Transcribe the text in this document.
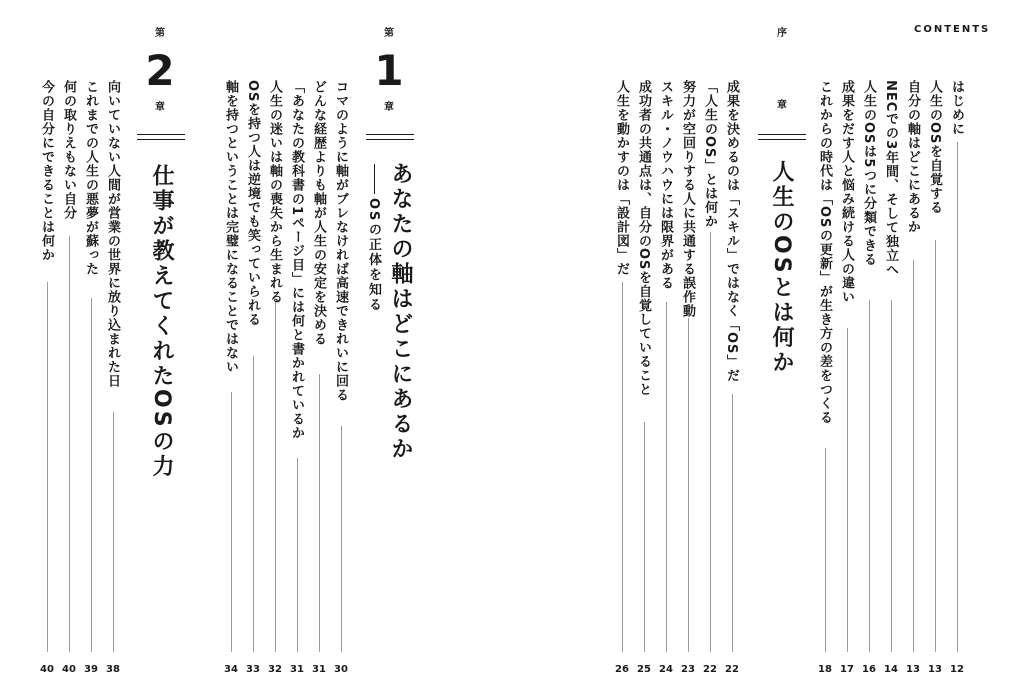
CONTENTS
はじめに
12
人生のOSを自覚する
13
自分の軸はどこにあるか
13
NECでの3年間、そして独立へ
14
人生のOSは5つに分類できる
16
成果をだす人と悩み続ける人の違い
17
これからの時代は「OSの更新」が生き方の差をつくる
18
序
章
人生のOSとは何か
成果を決めるのは「スキル」ではなく「OS」だ
22
「人生のOS」とは何か
22
努力が空回りする人に共通する誤作動
23
スキル・ノウハウには限界がある
24
成功者の共通点は、自分のOSを自覚していること
25
人生を動かすのは「設計図」だ
26
第
1
章
あなたの軸はどこにあるか
OSの正体を知る
コマのように軸がブレなければ高速できれいに回る
30
どんな経歴よりも軸が人生の安定を決める
31
「あなたの教科書の1ページ目」には何と書かれているか
31
人生の迷いは軸の喪失から生まれる
32
OSを持つ人は逆境でも笑っていられる
33
軸を持つということは完璧になることではない
34
第
2
章
仕事が教えてくれたOSの力
向いていない人間が営業の世界に放り込まれた日
38
これまでの人生の悪夢が蘇った
39
何の取りえもない自分
40
今の自分にできることは何か
40
